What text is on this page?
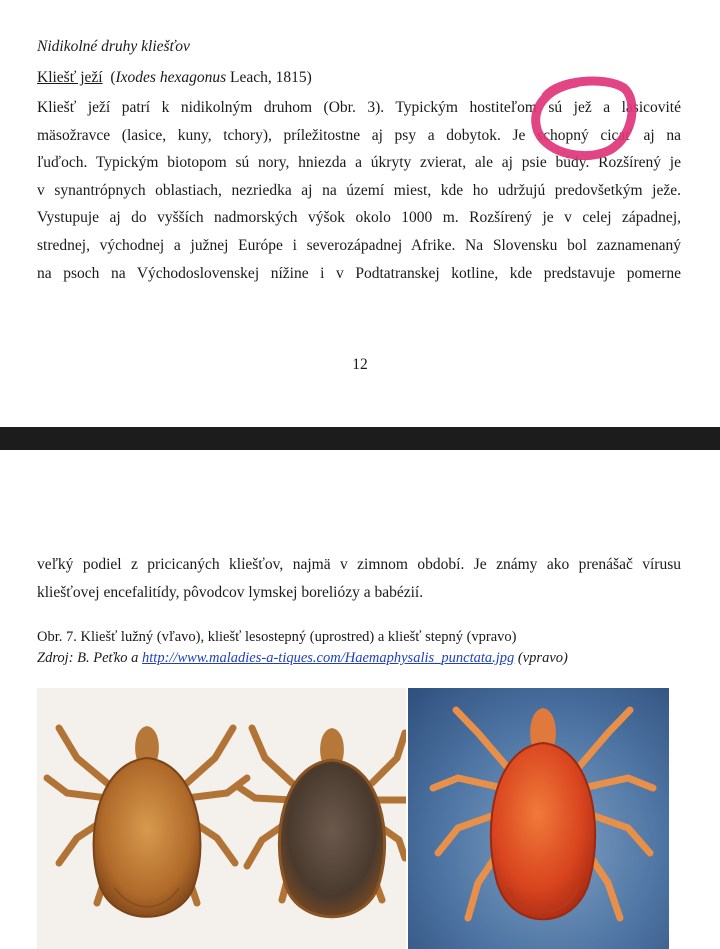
Nidikolné druhy kliešťov
Kliešť ježí  (Ixodes hexagonus Leach, 1815)
Kliešť ježí patrí k nidikolným druhom (Obr. 3). Typickým hostiteľom sú jež a lasicovité
mäsožravce (lasice, kuny, tchory), príležitostne aj psy a dobytok. Je schopný cicať aj na
ľuďoch. Typickým biotopom sú nory, hniezda a úkryty zvierat, ale aj psie búdy. Rozšírený je
v synantrópnych oblastiach, nezriedka aj na území miest, kde ho udržujú predovšetkým ježe.
Vystupuje aj do vyšších nadmorských výšok okolo 1000 m. Rozšírený je v celej západnej,
strednej, východnej a južnej Európe i severozápadnej Afrike. Na Slovensku bol zaznamenaný
na psoch na Východoslovenskej nížine i v Podtatranskej kotline, kde predstavuje pomerne
12
veľký podiel z pricicaných kliešťov, najmä v zimnom období. Je známy ako prenášač vírusu
kliešťovej encefalitídy, pôvodcov lymskej boreliózy a babézií.
Obr. 7. Kliešť lužný (vľavo), kliešť lesostepný (uprostred) a kliešť stepný (vpravo)
Zdroj: B. Peťko a http://www.maladies-a-tiques.com/Haemaphysalis_punctata.jpg (vpravo)
